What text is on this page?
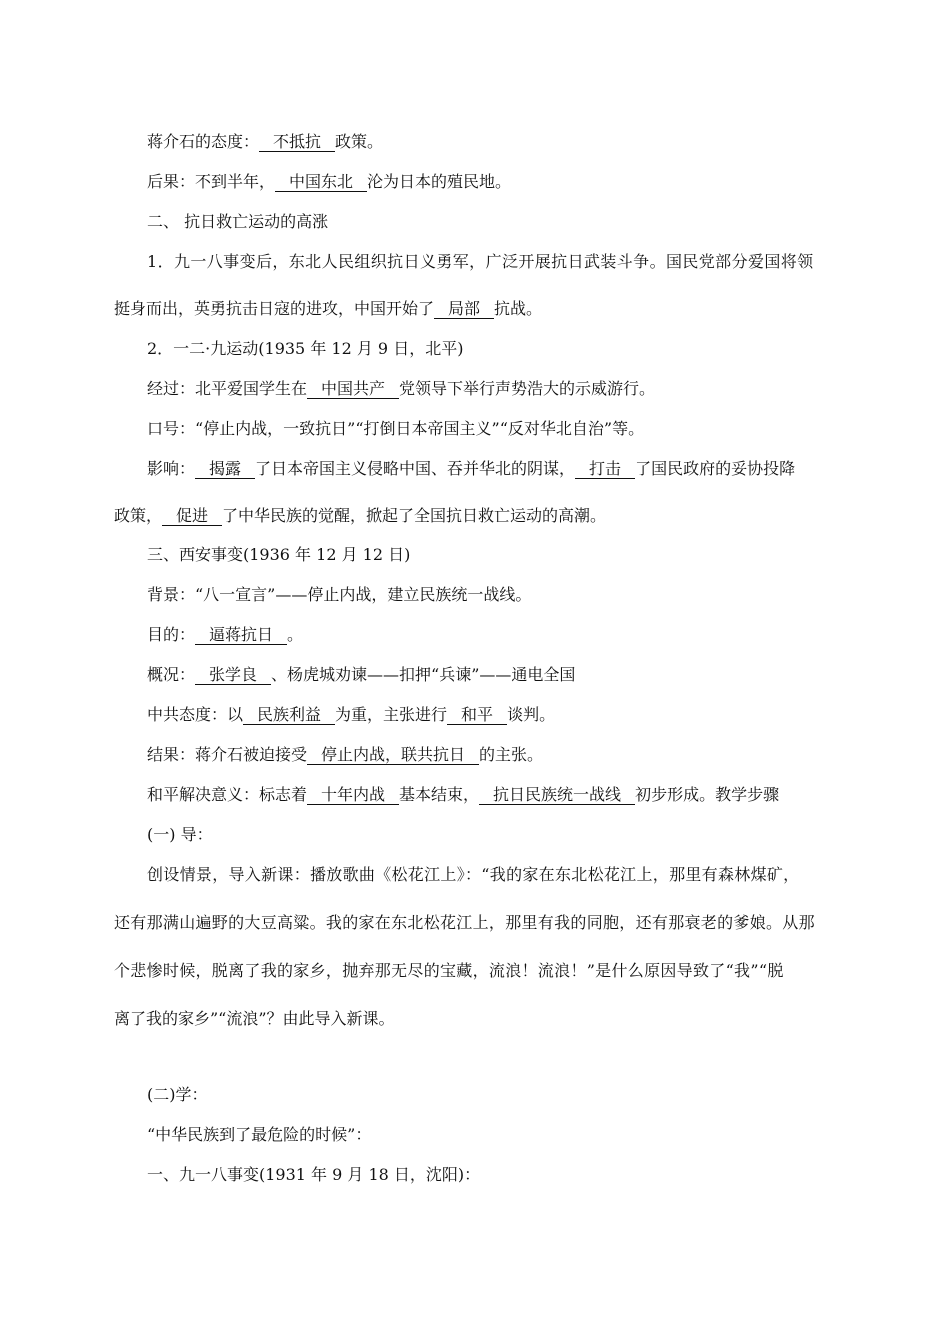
蒋介石的态度： 不抵抗 政策。
后果：不到半年， 中国东北 沦为日本的殖民地。
二、 抗日救亡运动的高涨
1．九一八事变后，东北人民组织抗日义勇军，广泛开展抗日武装斗争。国民党部分爱国将领
挺身而出，英勇抗击日寇的进攻，中国开始了 局部 抗战。
2．一二·九运动(1935 年 12 月 9 日，北平)
经过：北平爱国学生在 中国共产 党领导下举行声势浩大的示威游行。
口号：“停止内战，一致抗日”“打倒日本帝国主义”“反对华北自治”等。
影响： 揭露 了日本帝国主义侵略中国、吞并华北的阴谋， 打击 了国民政府的妥协投降
政策， 促进 了中华民族的觉醒，掀起了全国抗日救亡运动的高潮。
三、西安事变(1936 年 12 月 12 日)
背景：“八一宣言”——停止内战，建立民族统一战线。
目的： 逼蒋抗日 。
概况： 张学良 、杨虎城劝谏——扣押“兵谏”——通电全国
中共态度：以 民族利益 为重，主张进行 和平 谈判。
结果：蒋介石被迫接受 停止内战，联共抗日 的主张。
和平解决意义：标志着 十年内战 基本结束， 抗日民族统一战线 初步形成。教学步骤
(一) 导：
创设情景，导入新课：播放歌曲《松花江上》：“我的家在东北松花江上，那里有森林煤矿，
还有那满山遍野的大豆高粱。我的家在东北松花江上，那里有我的同胞，还有那衰老的爹娘。从那
个悲惨时候，脱离了我的家乡，抛弃那无尽的宝藏，流浪！流浪！”是什么原因导致了“我”“脱
离了我的家乡”“流浪”？由此导入新课。
(二)学：
“中华民族到了最危险的时候”：
一、九一八事变(1931 年 9 月 18 日，沈阳)：
